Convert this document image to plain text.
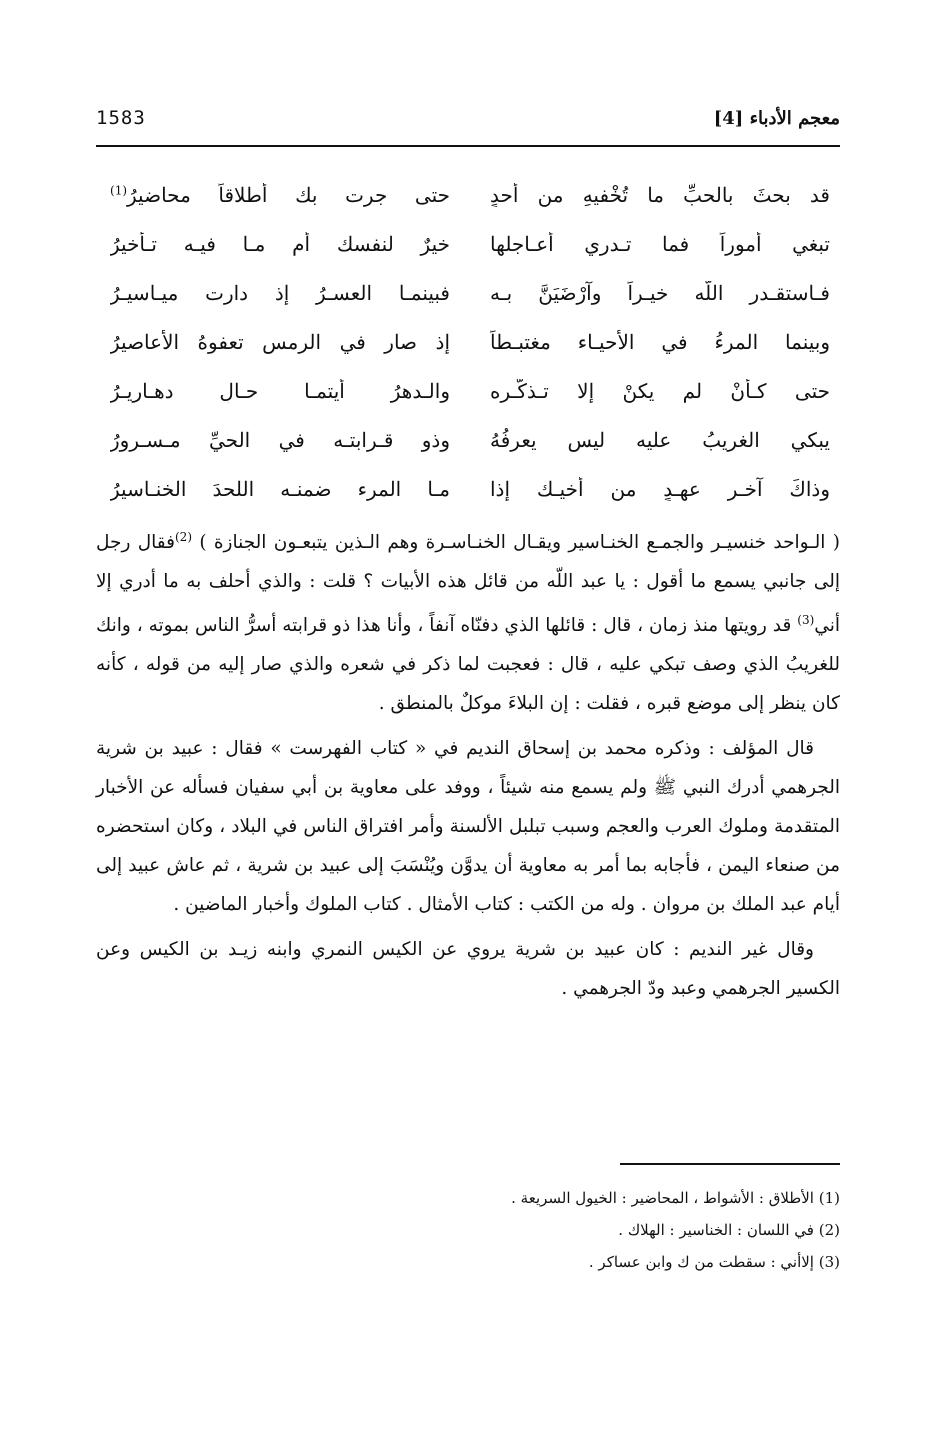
1583	معجم الأدباء [4]
قد بحثَ بالحبِّ ما تُخْفيهِ من أحدٍ
حتى جرت بك أطلاقاً محاضيرُ$^{(1)}$
تبغي أموراً فما تـدري أعـاجلها
خيرٌ لنفسك أم مـا فيـه تـأخيرُ
فـاستقـدرِ اللّه خيـراً وآرْضَيَنَّ بـه
فبينمـا العسـرُ إذ دارت ميـاسيـرُ
وبينما المرءُ في الأحيـاء مغتبـطاً
إذ صار في الرمس تعفوهُ الأعاصيرُ
حتى كـأنْ لم يكنْ إلا تـذكّـره
والـدهرُ أيتمـا حـالٍ دهـاريـرُ
يبكي الغريبُ عليه ليس يعرفُهُ
وذو قـرابتـه في الحيِّ مـسـرورُ
وذاكَ آخـر عهـدٍ من أخيـك إذا
مـا المرء ضمنـه اللحدَ الخنـاسيرُ

( الـواحد خنسيـر والجمـع الخنـاسير ويقـال الخنـاسـرة وهم الـذين يتبعـون الجنازة ) $^{(2)}$فقال رجل إلى جانبي يسمع ما أقول : يا عبد اللّه من قائل هذه الأبيات ؟ قلت : والذي أحلف به ما أدري إلا أني$^{(3)}$ قد رويتها منذ زمان ، قال : قائلها الذي دفنّاه آنفاً ، وأنا هذا ذو قرابته أسرُّ الناس بموته ، وانك للغريبُ الذي وصف تبكي عليه ، قال : فعجبت لما ذكر في شعره والذي صار إليه من قوله ، كأنه كان ينظر إلى موضع قبره ، فقلت : إن البلاءَ موكلٌ بالمنطق .

قال المؤلف : وذكره محمد بن إسحاق النديم في « كتاب الفهرست » فقال : عبيد بن شرية الجرهمي أدرك النبي ﷺ ولم يسمع منه شيئاً ، ووفد على معاوية بن أبي سفيان فسأله عن الأخبار المتقدمة وملوك العرب والعجم وسبب تبلبل الألسنة وأمر افتراق الناس في البلاد ، وكان استحضره من صنعاء اليمن ، فأجابه بما أمر به معاوية أن يدوَّن ويُنْسَبَ إلى عبيد بن شرية ، ثم عاش عبيد إلى أيام عبد الملك بن مروان . وله من الكتب : كتاب الأمثال . كتاب الملوك وأخبار الماضين .

وقال غير النديم : كان عبيد بن شرية يروي عن الكيس النمري وابنه زيـد بن الكيس وعن الكسير الجرهمي وعبد ودّ الجرهمي .

(1) الأطلاق : الأشواط ، المحاضير : الخيول السريعة .
(2) في اللسان : الخناسير : الهلاك .
(3) إلاأني : سقطت من ك وابن عساكر .
